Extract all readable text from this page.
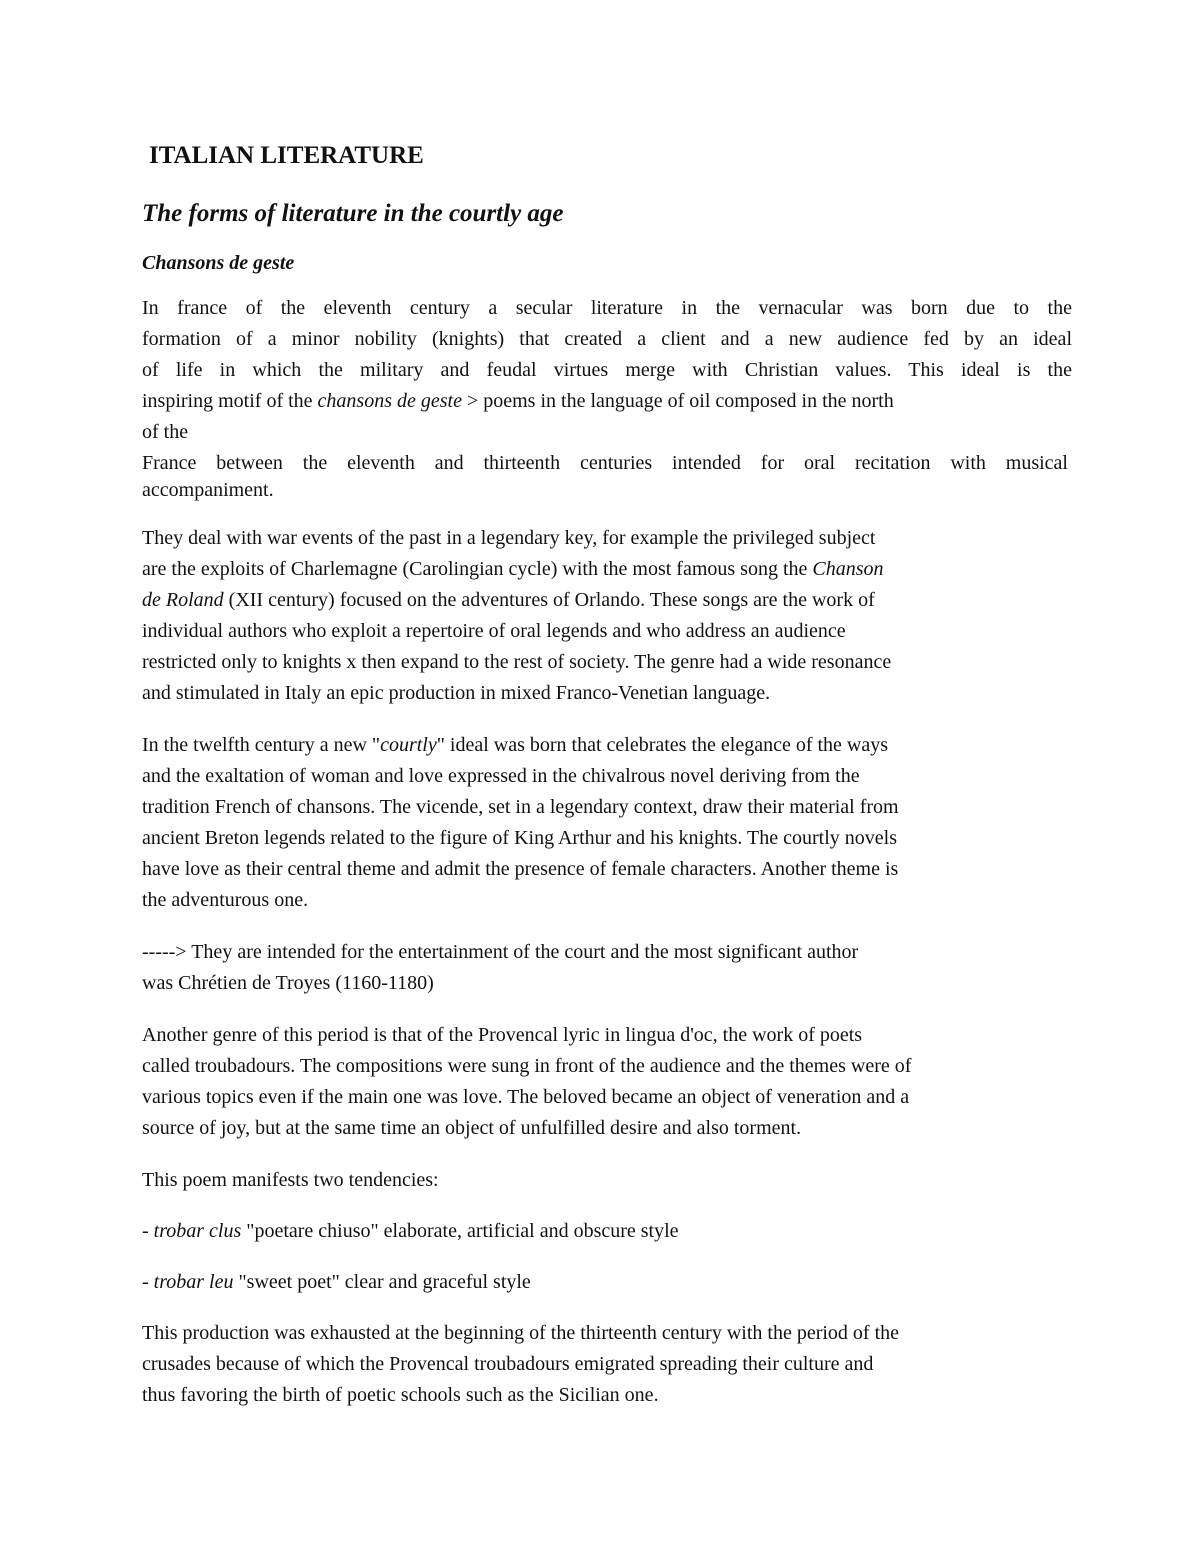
ITALIAN LITERATURE
The forms of literature in the courtly age
Chansons de geste
In france of the eleventh century a secular literature in the vernacular was born due to the
formation of a minor nobility (knights) that created a client and a new audience fed by an ideal
of life in which the military and feudal virtues merge with Christian values. This ideal is the
inspiring motif of the chansons de geste > poems in the language of oil composed in the north
of the
France between the eleventh and thirteenth centuries intended for oral recitation with musical
accompaniment.
They deal with war events of the past in a legendary key, for example the privileged subject
are the exploits of Charlemagne (Carolingian cycle) with the most famous song the Chanson
de Roland (XII century) focused on the adventures of Orlando. These songs are the work of
individual authors who exploit a repertoire of oral legends and who address an audience
restricted only to knights x then expand to the rest of society. The genre had a wide resonance
and stimulated in Italy an epic production in mixed Franco-Venetian language.
In the twelfth century a new "courtly" ideal was born that celebrates the elegance of the ways
and the exaltation of woman and love expressed in the chivalrous novel deriving from the
tradition French of chansons. The vicende, set in a legendary context, draw their material from
ancient Breton legends related to the figure of King Arthur and his knights. The courtly novels
have love as their central theme and admit the presence of female characters. Another theme is
the adventurous one.
-----> They are intended for the entertainment of the court and the most significant author
was Chrétien de Troyes (1160-1180)
Another genre of this period is that of the Provencal lyric in lingua d'oc, the work of poets
called troubadours. The compositions were sung in front of the audience and the themes were of
various topics even if the main one was love. The beloved became an object of veneration and a
source of joy, but at the same time an object of unfulfilled desire and also torment.
This poem manifests two tendencies:
- trobar clus "poetare chiuso" elaborate, artificial and obscure style
- trobar leu "sweet poet" clear and graceful style
This production was exhausted at the beginning of the thirteenth century with the period of the
crusades because of which the Provencal troubadours emigrated spreading their culture and
thus favoring the birth of poetic schools such as the Sicilian one.
